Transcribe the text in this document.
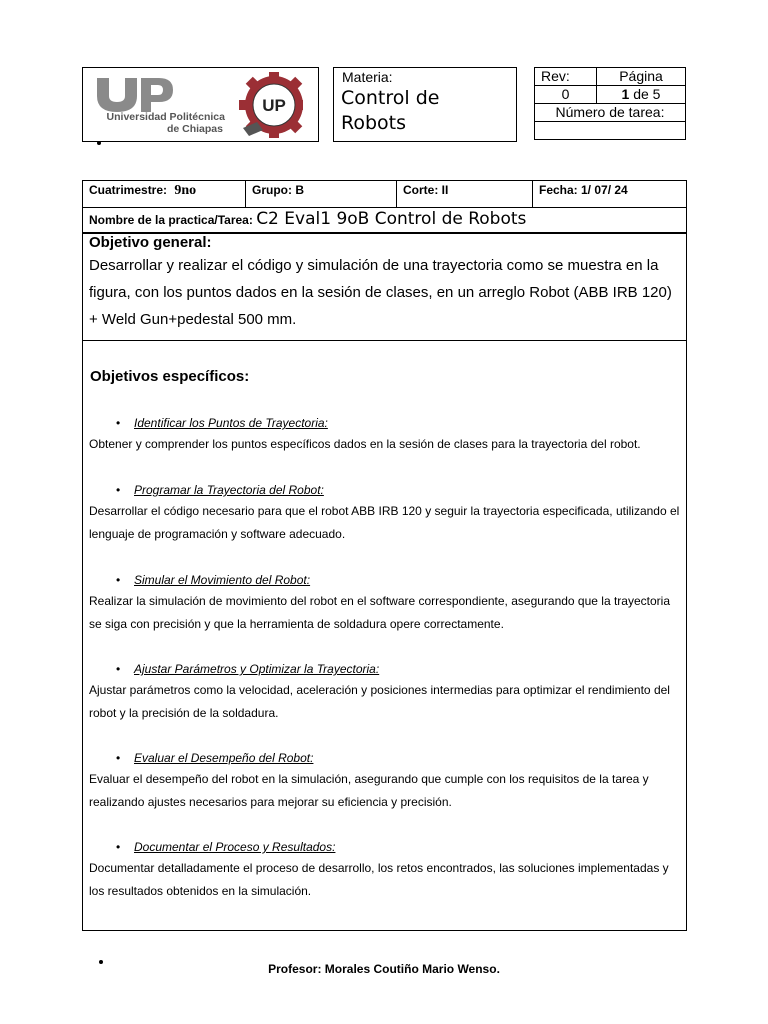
UP
Universidad Politécnica
de Chiapas
Materia:
Control de Robots
Rev:	Página
0	1 de 5
Número de tarea:	

Cuatrimestre: 9no	Grupo: B	Corte: II	Fecha: 1/ 07/ 24
Nombre de la practica/Tarea: C2 Eval1 9oB Control de Robots
Objetivo general:
Desarrollar y realizar el código y simulación de una trayectoria como se muestra en la figura, con los puntos dados en la sesión de clases, en un arreglo Robot (ABB IRB 120) + Weld Gun+pedestal 500 mm.
Objetivos específicos:
• Identificar los Puntos de Trayectoria:
Obtener y comprender los puntos específicos dados en la sesión de clases para la trayectoria del robot.
• Programar la Trayectoria del Robot:
Desarrollar el código necesario para que el robot ABB IRB 120 y seguir la trayectoria especificada, utilizando el lenguaje de programación y software adecuado.
• Simular el Movimiento del Robot:
Realizar la simulación de movimiento del robot en el software correspondiente, asegurando que la trayectoria se siga con precisión y que la herramienta de soldadura opere correctamente.
• Ajustar Parámetros y Optimizar la Trayectoria:
Ajustar parámetros como la velocidad, aceleración y posiciones intermedias para optimizar el rendimiento del robot y la precisión de la soldadura.
• Evaluar el Desempeño del Robot:
Evaluar el desempeño del robot en la simulación, asegurando que cumple con los requisitos de la tarea y realizando ajustes necesarios para mejorar su eficiencia y precisión.
• Documentar el Proceso y Resultados:
Documentar detalladamente el proceso de desarrollo, los retos encontrados, las soluciones implementadas y los resultados obtenidos en la simulación.
Profesor: Morales Coutiño Mario Wenso.
